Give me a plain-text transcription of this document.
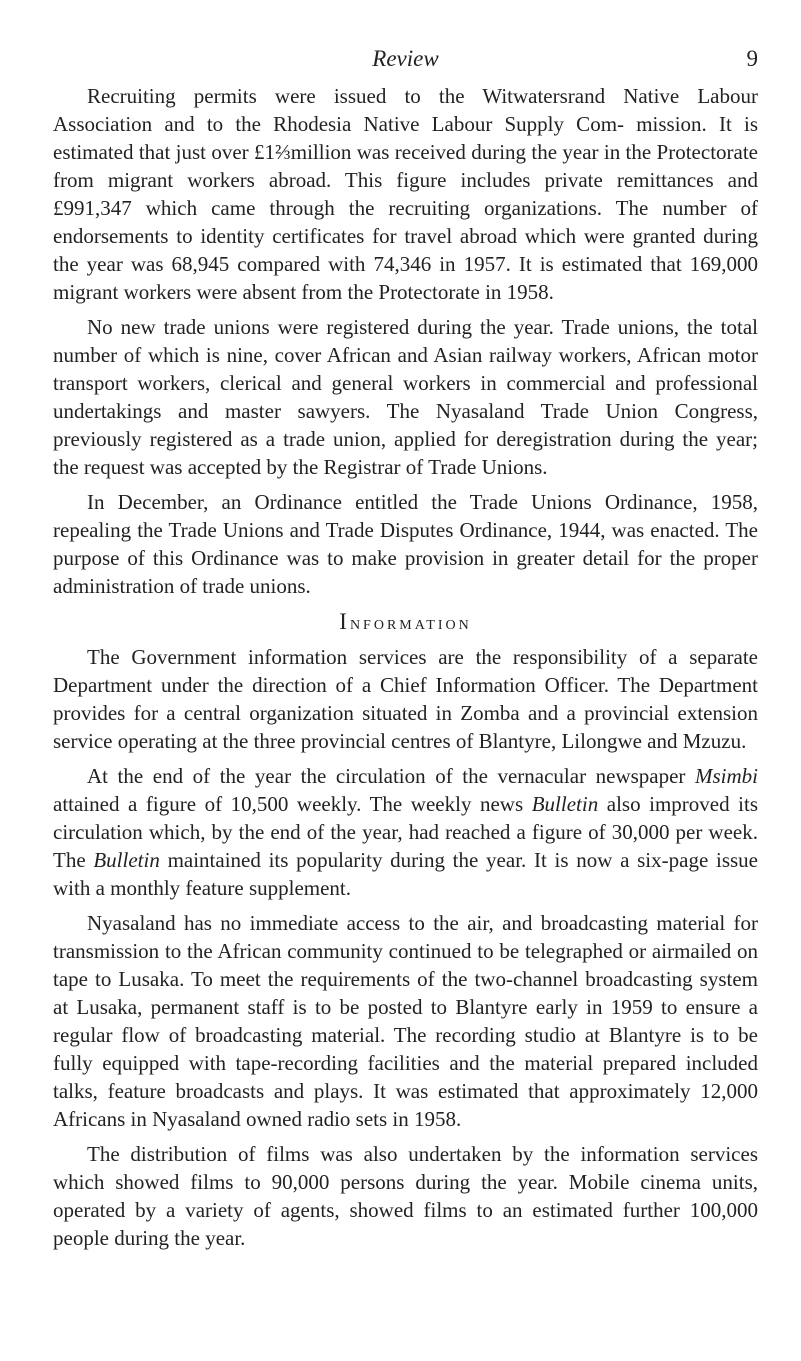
Review	9

Recruiting permits were issued to the Witwatersrand Native Labour Association and to the Rhodesia Native Labour Supply Com- mission. It is estimated that just over £1⅔million was received during the year in the Protectorate from migrant workers abroad. This figure includes private remittances and £991,347 which came through the recruiting organizations. The number of endorsements to identity certificates for travel abroad which were granted during the year was 68,945 compared with 74,346 in 1957. It is estimated that 169,000 migrant workers were absent from the Protectorate in 1958.

No new trade unions were registered during the year. Trade unions, the total number of which is nine, cover African and Asian railway workers, African motor transport workers, clerical and general workers in commercial and professional undertakings and master sawyers. The Nyasaland Trade Union Congress, previously registered as a trade union, applied for deregistration during the year; the request was accepted by the Registrar of Trade Unions.

In December, an Ordinance entitled the Trade Unions Ordinance, 1958, repealing the Trade Unions and Trade Disputes Ordinance, 1944, was enacted. The purpose of this Ordinance was to make provision in greater detail for the proper administration of trade unions.

Information

The Government information services are the responsibility of a separate Department under the direction of a Chief Information Officer. The Department provides for a central organization situated in Zomba and a provincial extension service operating at the three provincial centres of Blantyre, Lilongwe and Mzuzu.

At the end of the year the circulation of the vernacular newspaper Msimbi attained a figure of 10,500 weekly. The weekly news Bulletin also improved its circulation which, by the end of the year, had reached a figure of 30,000 per week. The Bulletin maintained its popularity during the year. It is now a six-page issue with a monthly feature supplement.

Nyasaland has no immediate access to the air, and broadcasting material for transmission to the African community continued to be telegraphed or airmailed on tape to Lusaka. To meet the requirements of the two-channel broadcasting system at Lusaka, permanent staff is to be posted to Blantyre early in 1959 to ensure a regular flow of broadcasting material. The recording studio at Blantyre is to be fully equipped with tape-recording facilities and the material prepared included talks, feature broadcasts and plays. It was estimated that approximately 12,000 Africans in Nyasaland owned radio sets in 1958.

The distribution of films was also undertaken by the information services which showed films to 90,000 persons during the year. Mobile cinema units, operated by a variety of agents, showed films to an estimated further 100,000 people during the year.
